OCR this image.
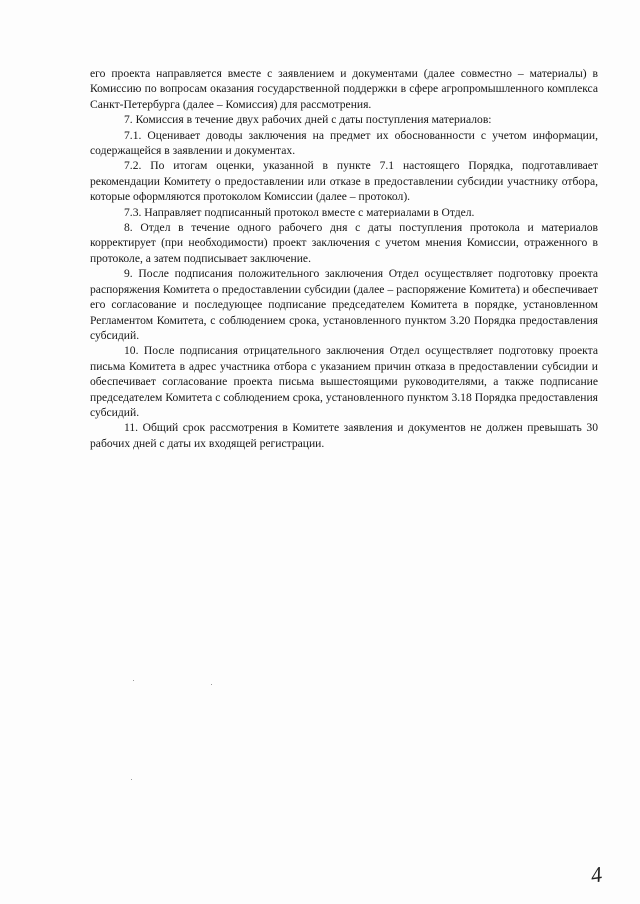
его проекта направляется вместе с заявлением и документами (далее совместно – материалы) в Комиссию по вопросам оказания государственной поддержки в сфере агропромышленного комплекса Санкт-Петербурга (далее – Комиссия) для рассмотрения.

7. Комиссия в течение двух рабочих дней с даты поступления материалов:

7.1. Оценивает доводы заключения на предмет их обоснованности с учетом информации, содержащейся в заявлении и документах.

7.2. По итогам оценки, указанной в пункте 7.1 настоящего Порядка, подготавливает рекомендации Комитету о предоставлении или отказе в предоставлении субсидии участнику отбора, которые оформляются протоколом Комиссии (далее – протокол).

7.3. Направляет подписанный протокол вместе с материалами в Отдел.

8. Отдел в течение одного рабочего дня с даты поступления протокола и материалов корректирует (при необходимости) проект заключения с учетом мнения Комиссии, отраженного в протоколе, а затем подписывает заключение.

9. После подписания положительного заключения Отдел осуществляет подготовку проекта распоряжения Комитета о предоставлении субсидии (далее – распоряжение Комитета) и обеспечивает его согласование и последующее подписание председателем Комитета в порядке, установленном Регламентом Комитета, с соблюдением срока, установленного пунктом 3.20 Порядка предоставления субсидий.

10. После подписания отрицательного заключения Отдел осуществляет подготовку проекта письма Комитета в адрес участника отбора с указанием причин отказа в предоставлении субсидии и обеспечивает согласование проекта письма вышестоящими руководителями, а также подписание председателем Комитета с соблюдением срока, установленного пунктом 3.18 Порядка предоставления субсидий.

11. Общий срок рассмотрения в Комитете заявления и документов не должен превышать 30 рабочих дней с даты их входящей регистрации.

4
